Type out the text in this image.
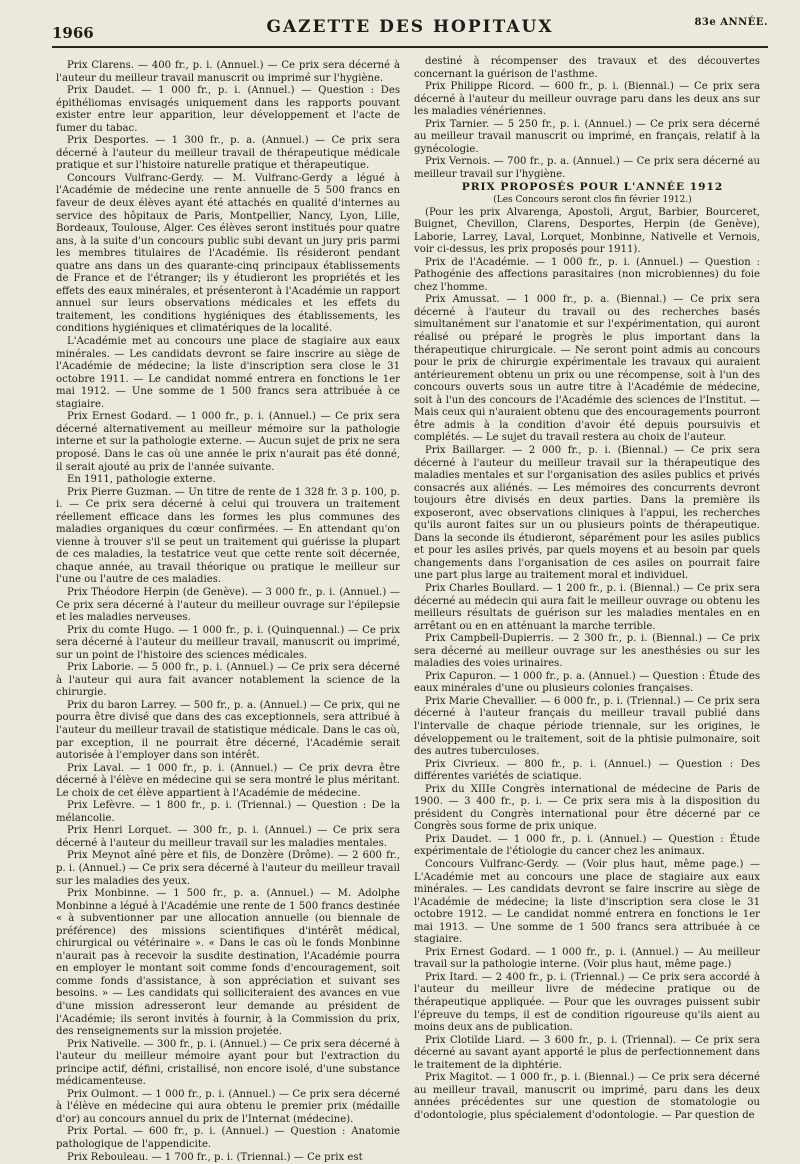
1966	GAZETTE DES HOPITAUX	83e ANNÉE.

Prix Clarens. — 400 fr., p. i. (Annuel.) — Ce prix sera décerné à l'auteur du meilleur travail manuscrit ou imprimé sur l'hygiène.

Prix Daudet. — 1 000 fr., p. i. (Annuel.) — Question : Des épithéliomas envisagés uniquement dans les rapports pouvant exister entre leur apparition, leur développement et l'acte de fumer du tabac.

Prix Desportes. — 1 300 fr., p. a. (Annuel.) — Ce prix sera décerné à l'auteur du meilleur travail de thérapeutique médicale pratique et sur l'histoire naturelle pratique et thérapeutique.

Concours Vulfranc-Gerdy. — M. Vulfranc-Gerdy a légué à l'Académie de médecine une rente annuelle de 5 500 francs en faveur de deux élèves ayant été attachés en qualité d'internes au service des hôpitaux de Paris, Montpellier, Nancy, Lyon, Lille, Bordeaux, Toulouse, Alger. Ces élèves seront institués pour quatre ans, à la suite d'un concours public subi devant un jury pris parmi les membres titulaires de l'Académie. Ils résideront pendant quatre ans dans un des quarante-cinq principaux établissements de France et de l'étranger; ils y étudieront les propriétés et les effets des eaux minérales, et présenteront à l'Académie un rapport annuel sur leurs observations médicales et les effets du traitement, les conditions hygiéniques des établissements, les conditions hygiéniques et climatériques de la localité.

L'Académie met au concours une place de stagiaire aux eaux minérales. — Les candidats devront se faire inscrire au siège de l'Académie de médecine; la liste d'inscription sera close le 31 octobre 1911. — Le candidat nommé entrera en fonctions le 1er mai 1912. — Une somme de 1 500 francs sera attribuée à ce stagiaire.

Prix Ernest Godard. — 1 000 fr., p. i. (Annuel.) — Ce prix sera décerné alternativement au meilleur mémoire sur la pathologie interne et sur la pathologie externe. — Aucun sujet de prix ne sera proposé. Dans le cas où une année le prix n'aurait pas été donné, il serait ajouté au prix de l'année suivante.

En 1911, pathologie externe.

Prix Pierre Guzman. — Un titre de rente de 1 328 fr. 3 p. 100, p. i. — Ce prix sera décerné à celui qui trouvera un traitement réellement efficace dans les formes les plus communes des maladies organiques du cœur confirmées. — En attendant qu'on vienne à trouver s'il se peut un traitement qui guérisse la plupart de ces maladies, la testatrice veut que cette rente soit décernée, chaque année, au travail théorique ou pratique le meilleur sur l'une ou l'autre de ces maladies.

Prix Théodore Herpin (de Genève). — 3 000 fr., p. i. (Annuel.) — Ce prix sera décerné à l'auteur du meilleur ouvrage sur l'épilepsie et les maladies nerveuses.

Prix du comte Hugo. — 1 000 fr., p. i. (Quinquennal.) — Ce prix sera décerné à l'auteur du meilleur travail, manuscrit ou imprimé, sur un point de l'histoire des sciences médicales.

Prix Laborie. — 5 000 fr., p. i. (Annuel.) — Ce prix sera décerné à l'auteur qui aura fait avancer notablement la science de la chirurgie.

Prix du baron Larrey. — 500 fr., p. a. (Annuel.) — Ce prix, qui ne pourra être divisé que dans des cas exceptionnels, sera attribué à l'auteur du meilleur travail de statistique médicale. Dans le cas où, par exception, il ne pourrait être décerné, l'Académie serait autorisée à l'employer dans son intérêt.

Prix Laval. — 1 000 fr., p. i. (Annuel.) — Ce prix devra être décerné à l'élève en médecine qui se sera montré le plus méritant. Le choix de cet élève appartient à l'Académie de médecine.

Prix Lefèvre. — 1 800 fr., p. i. (Triennal.) — Question : De la mélancolie.

Prix Henri Lorquet. — 300 fr., p. i. (Annuel.) — Ce prix sera décerné à l'auteur du meilleur travail sur les maladies mentales.

Prix Meynot aîné père et fils, de Donzère (Drôme). — 2 600 fr., p. i. (Annuel.) — Ce prix sera décerné à l'auteur du meilleur travail sur les maladies des yeux.

Prix Monbinne. — 1 500 fr., p. a. (Annuel.) — M. Adolphe Monbinne a légué à l'Académie une rente de 1 500 francs destinée « à subventionner par une allocation annuelle (ou biennale de préférence) des missions scientifiques d'intérêt médical, chirurgical ou vétérinaire ». « Dans le cas où le fonds Monbinne n'aurait pas à recevoir la susdite destination, l'Académie pourra en employer le montant soit comme fonds d'encouragement, soit comme fonds d'assistance, à son appréciation et suivant ses besoins. » — Les candidats qui solliciteraient des avances en vue d'une mission adresseront leur demande au président de l'Académie; ils seront invités à fournir, à la Commission du prix, des renseignements sur la mission projetée.

Prix Nativelle. — 300 fr., p. i. (Annuel.) — Ce prix sera décerné à l'auteur du meilleur mémoire ayant pour but l'extraction du principe actif, défini, cristallisé, non encore isolé, d'une substance médicamenteuse.

Prix Oulmont. — 1 000 fr., p. i. (Annuel.) — Ce prix sera décerné à l'élève en médecine qui aura obtenu le premier prix (médaille d'or) au concours annuel du prix de l'Internat (médecine).

Prix Portal. — 600 fr., p. i. (Annuel.) — Question : Anatomie pathologique de l'appendicite.

Prix Rebouleau. — 1 700 fr., p. i. (Triennal.) — Ce prix est

destiné à récompenser des travaux et des découvertes concernant la guérison de l'asthme.

Prix Philippe Ricord. — 600 fr., p. i. (Biennal.) — Ce prix sera décerné à l'auteur du meilleur ouvrage paru dans les deux ans sur les maladies vénériennes.

Prix Tarnier. — 5 250 fr., p. i. (Annuel.) — Ce prix sera décerné au meilleur travail manuscrit ou imprimé, en français, relatif à la gynécologie.

Prix Vernois. — 700 fr., p. a. (Annuel.) — Ce prix sera décerné au meilleur travail sur l'hygiène.

PRIX PROPOSÉS POUR L'ANNÉE 1912

(Les Concours seront clos fin février 1912.)

(Pour les prix Alvarenga, Apostoli, Argut, Barbier, Bourceret, Buignet, Chevillon, Clarens, Desportes, Herpin (de Genève), Laborie, Larrey, Laval, Lorquet, Monbinne, Nativelle et Vernois, voir ci-dessus, les prix proposés pour 1911).

Prix de l'Académie. — 1 000 fr., p. i. (Annuel.) — Question : Pathogénie des affections parasitaires (non microbiennes) du foie chez l'homme.

Prix Amussat. — 1 000 fr., p. a. (Biennal.) — Ce prix sera décerné à l'auteur du travail ou des recherches basés simultanément sur l'anatomie et sur l'expérimentation, qui auront réalisé ou préparé le progrès le plus important dans la thérapeutique chirurgicale. — Ne seront point admis au concours pour le prix de chirurgie expérimentale les travaux qui auraient antérieurement obtenu un prix ou une récompense, soit à l'un des concours ouverts sous un autre titre à l'Académie de médecine, soit à l'un des concours de l'Académie des sciences de l'Institut. — Mais ceux qui n'auraient obtenu que des encouragements pourront être admis à la condition d'avoir été depuis poursuivis et complétés. — Le sujet du travail restera au choix de l'auteur.

Prix Baillarger. — 2 000 fr., p. i. (Biennal.) — Ce prix sera décerné à l'auteur du meilleur travail sur la thérapeutique des maladies mentales et sur l'organisation des asiles publics et privés consacrés aux aliénés. — Les mémoires des concurrents devront toujours être divisés en deux parties. Dans la première ils exposeront, avec observations cliniques à l'appui, les recherches qu'ils auront faites sur un ou plusieurs points de thérapeutique. Dans la seconde ils étudieront, séparément pour les asiles publics et pour les asiles privés, par quels moyens et au besoin par quels changements dans l'organisation de ces asiles on pourrait faire une part plus large au traitement moral et individuel.

Prix Charles Boullard. — 1 200 fr., p. i. (Biennal.) — Ce prix sera décerné au médecin qui aura fait le meilleur ouvrage ou obtenu les meilleurs résultats de guérison sur les maladies mentales en en arrêtant ou en en atténuant la marche terrible.

Prix Campbell-Dupierris. — 2 300 fr., p. i. (Biennal.) — Ce prix sera décerné au meilleur ouvrage sur les anesthésies ou sur les maladies des voies urinaires.

Prix Capuron. — 1 000 fr., p. a. (Annuel.) — Question : Étude des eaux minérales d'une ou plusieurs colonies françaises.

Prix Marie Chevallier. — 6 000 fr., p. i. (Triennal.) — Ce prix sera décerné à l'auteur français du meilleur travail publié dans l'intervalle de chaque période triennale, sur les origines, le développement ou le traitement, soit de la phtisie pulmonaire, soit des autres tuberculoses.

Prix Civrieux. — 800 fr., p. i. (Annuel.) — Question : Des différentes variétés de sciatique.

Prix du XIIIe Congrès international de médecine de Paris de 1900. — 3 400 fr., p. i. — Ce prix sera mis à la disposition du président du Congrès international pour être décerné par ce Congrès sous forme de prix unique.

Prix Daudet. — 1 000 fr., p. i. (Annuel.) — Question : Étude expérimentale de l'étiologie du cancer chez les animaux.

Concours Vulfranc-Gerdy. — (Voir plus haut, même page.) — L'Académie met au concours une place de stagiaire aux eaux minérales. — Les candidats devront se faire inscrire au siège de l'Académie de médecine; la liste d'inscription sera close le 31 octobre 1912. — Le candidat nommé entrera en fonctions le 1er mai 1913. — Une somme de 1 500 francs sera attribuée à ce stagiaire.

Prix Ernest Godard. — 1 000 fr., p. i. (Annuel.) — Au meilleur travail sur la pathologie interne. (Voir plus haut, même page.)

Prix Itard. — 2 400 fr., p. i. (Triennal.) — Ce prix sera accordé à l'auteur du meilleur livre de médecine pratique ou de thérapeutique appliquée. — Pour que les ouvrages puissent subir l'épreuve du temps, il est de condition rigoureuse qu'ils aient au moins deux ans de publication.

Prix Clotilde Liard. — 3 600 fr., p. i. (Triennal). — Ce prix sera décerné au savant ayant apporté le plus de perfectionnement dans le traitement de la diphtérie.

Prix Magitot. — 1 000 fr., p. i. (Biennal.) — Ce prix sera décerné au meilleur travail, manuscrit ou imprimé, paru dans les deux années précédentes sur une question de stomatologie ou d'odontologie, plus spécialement d'odontologie. — Par question de
